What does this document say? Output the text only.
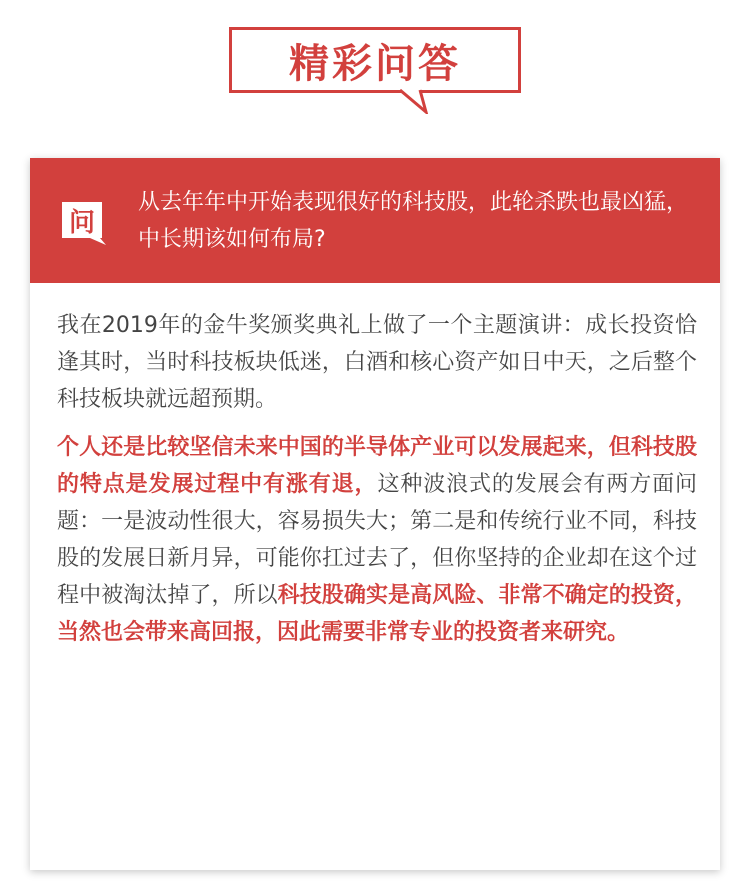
精彩问答
问
从去年年中开始表现很好的科技股，此轮杀跌也最凶猛，中长期该如何布局?

我在2019年的金牛奖颁奖典礼上做了一个主题演讲：成长投资恰逢其时，当时科技板块低迷，白酒和核心资产如日中天，之后整个科技板块就远超预期。

个人还是比较坚信未来中国的半导体产业可以发展起来，但科技股的特点是发展过程中有涨有退，这种波浪式的发展会有两方面问题：一是波动性很大，容易损失大；第二是和传统行业不同，科技股的发展日新月异，可能你扛过去了，但你坚持的企业却在这个过程中被淘汰掉了，所以科技股确实是高风险、非常不确定的投资，当然也会带来高回报，因此需要非常专业的投资者来研究。
